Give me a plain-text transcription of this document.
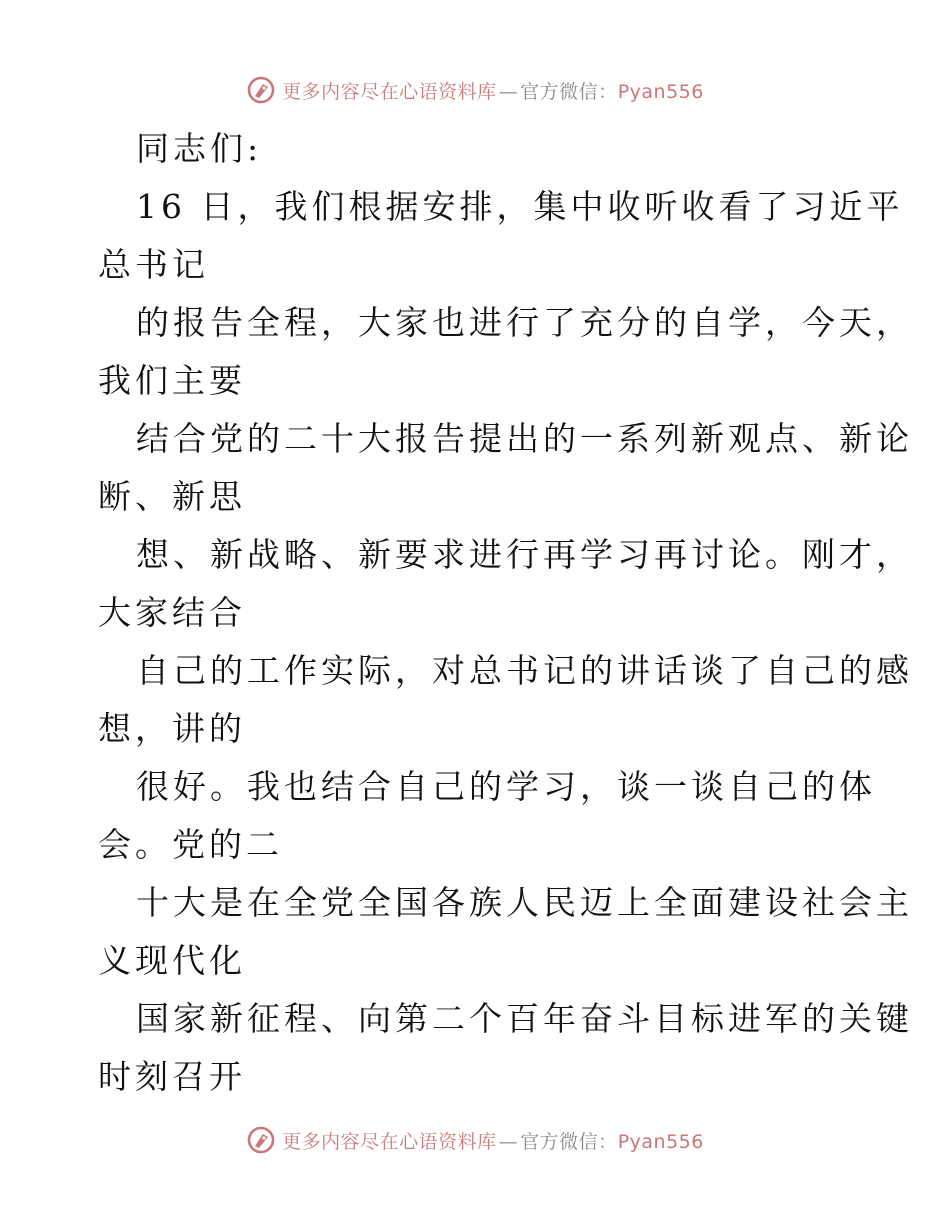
更多内容尽在心语资料库 — 官方微信：Pyan556
同志们:
16 日，我们根据安排，集中收听收看了习近平
总书记
的报告全程，大家也进行了充分的自学，今天，
我们主要
结合党的二十大报告提出的一系列新观点、新论
断、新思
想、新战略、新要求进行再学习再讨论。刚才，
大家结合
自己的工作实际，对总书记的讲话谈了自己的感
想，讲的
很好。我也结合自己的学习，谈一谈自己的体
会。党的二
十大是在全党全国各族人民迈上全面建设社会主
义现代化
国家新征程、向第二个百年奋斗目标进军的关键
时刻召开
更多内容尽在心语资料库 — 官方微信：Pyan556
